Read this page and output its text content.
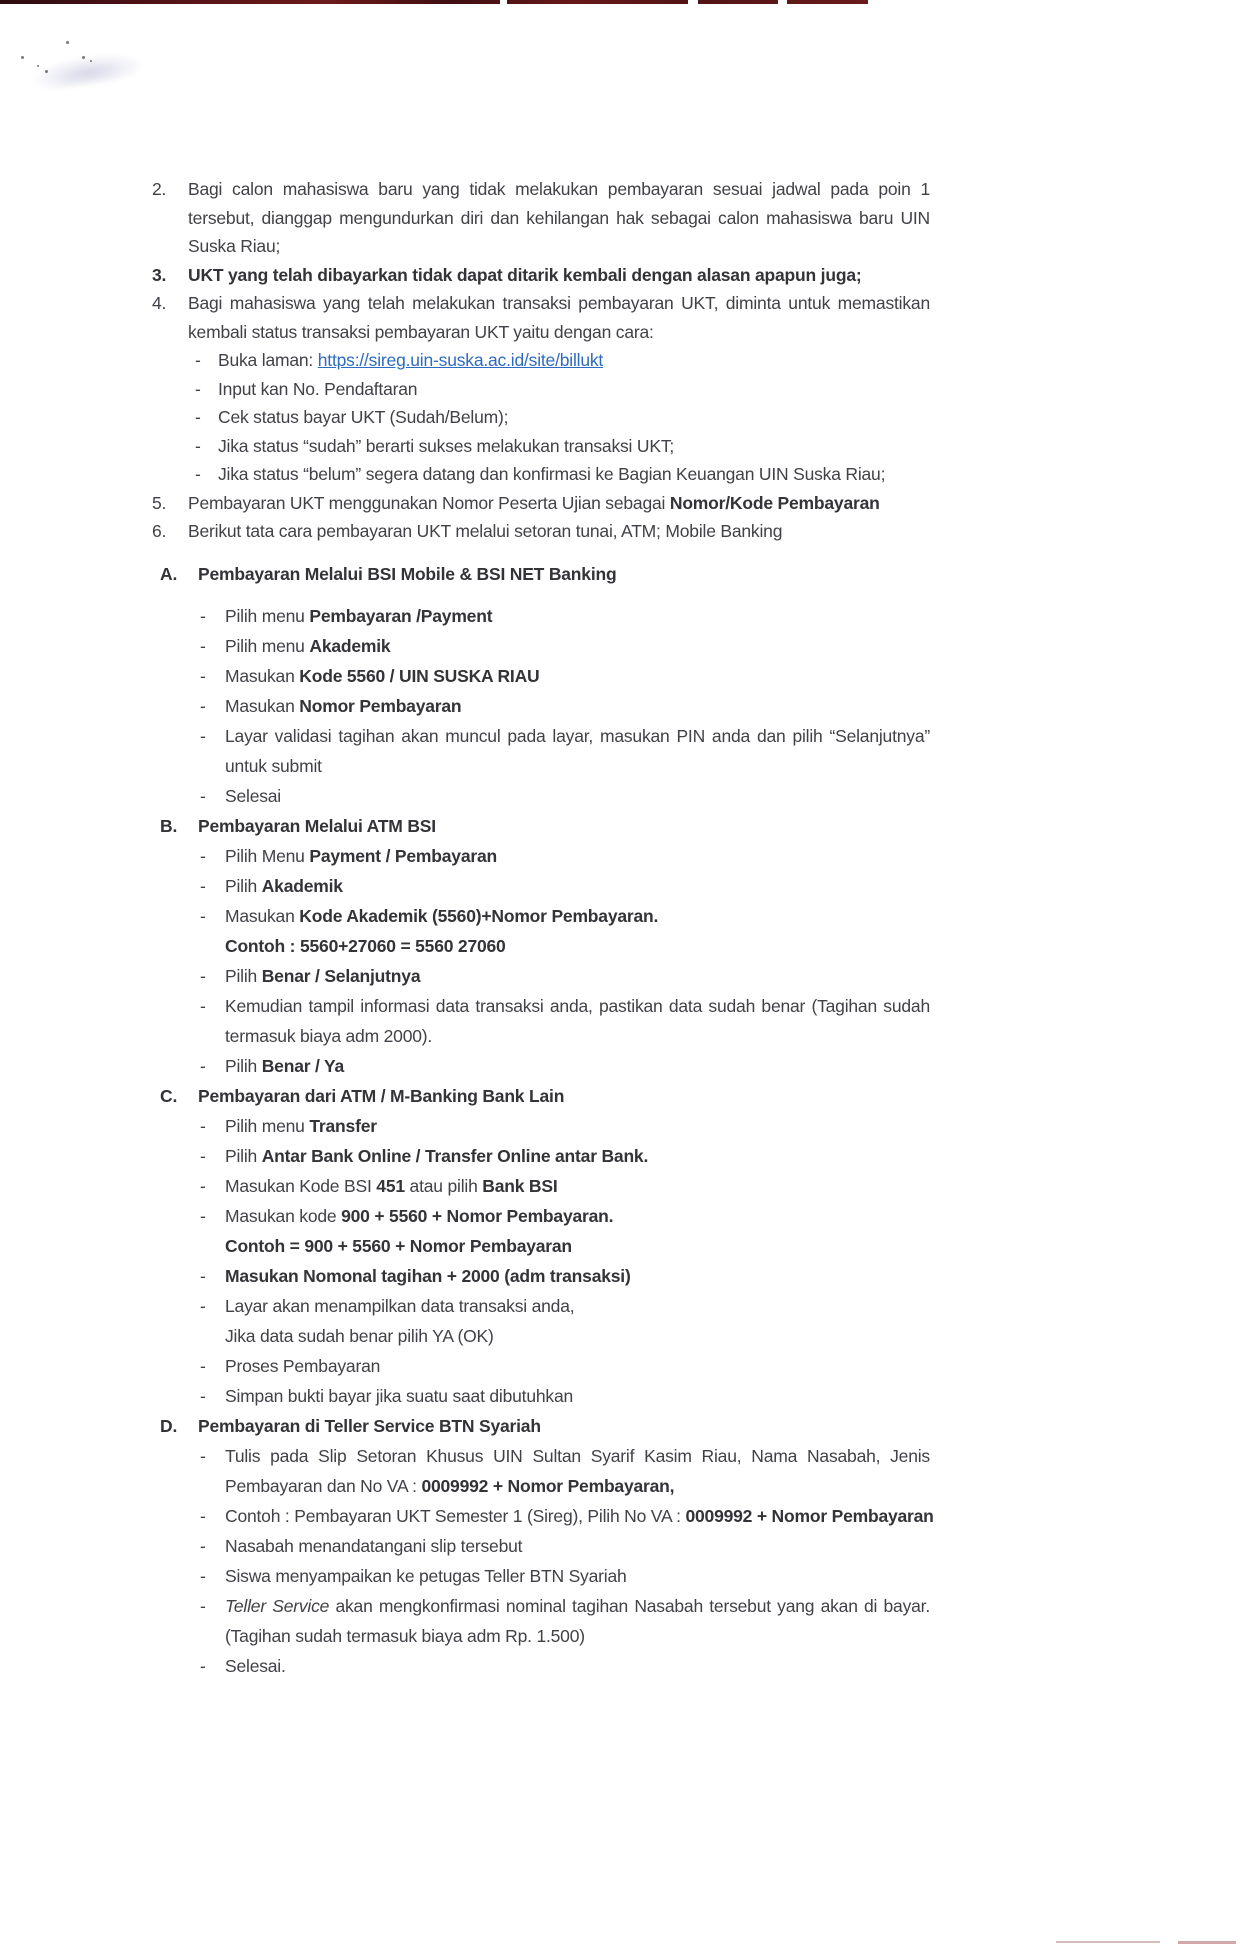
2.	Bagi calon mahasiswa baru yang tidak melakukan pembayaran sesuai jadwal pada poin 1 tersebut, dianggap mengundurkan diri dan kehilangan hak sebagai calon mahasiswa baru UIN Suska Riau;
3.	UKT yang telah dibayarkan tidak dapat ditarik kembali dengan alasan apapun juga;
4.	Bagi mahasiswa yang telah melakukan transaksi pembayaran UKT, diminta untuk memastikan kembali status transaksi pembayaran UKT yaitu dengan cara:
- Buka laman: https://sireg.uin-suska.ac.id/site/billukt
- Input kan No. Pendaftaran
- Cek status bayar UKT (Sudah/Belum);
- Jika status “sudah” berarti sukses melakukan transaksi UKT;
- Jika status “belum” segera datang dan konfirmasi ke Bagian Keuangan UIN Suska Riau;
5.	Pembayaran UKT menggunakan Nomor Peserta Ujian sebagai Nomor/Kode Pembayaran
6.	Berikut tata cara pembayaran UKT melalui setoran tunai, ATM; Mobile Banking
A.	Pembayaran Melalui BSI Mobile & BSI NET Banking
-	Pilih menu Pembayaran /Payment
-	Pilih menu Akademik
-	Masukan Kode 5560 / UIN SUSKA RIAU
-	Masukan Nomor Pembayaran
-	Layar validasi tagihan akan muncul pada layar, masukan PIN anda dan pilih “Selanjutnya” untuk submit
-	Selesai
B.	Pembayaran Melalui ATM BSI
-	Pilih Menu Payment / Pembayaran
-	Pilih Akademik
-	Masukan Kode Akademik (5560)+Nomor Pembayaran.
Contoh : 5560+27060 = 5560 27060
-	Pilih Benar / Selanjutnya
-	Kemudian tampil informasi data transaksi anda, pastikan data sudah benar (Tagihan sudah termasuk biaya adm 2000).
-	Pilih Benar / Ya
C.	Pembayaran dari ATM / M-Banking Bank Lain
-	Pilih menu Transfer
-	Pilih Antar Bank Online / Transfer Online antar Bank.
-	Masukan Kode BSI 451 atau pilih Bank BSI
-	Masukan kode 900 + 5560 + Nomor Pembayaran.
Contoh = 900 + 5560 + Nomor Pembayaran
-	Masukan Nomonal tagihan + 2000 (adm transaksi)
-	Layar akan menampilkan data transaksi anda,
Jika data sudah benar pilih YA (OK)
-	Proses Pembayaran
-	Simpan bukti bayar jika suatu saat dibutuhkan
D.	Pembayaran di Teller Service BTN Syariah
-	Tulis pada Slip Setoran Khusus UIN Sultan Syarif Kasim Riau, Nama Nasabah, Jenis Pembayaran dan No VA : 0009992 + Nomor Pembayaran,
-	Contoh : Pembayaran UKT Semester 1 (Sireg), Pilih No VA : 0009992 + Nomor Pembayaran
-	Nasabah menandatangani slip tersebut
-	Siswa menyampaikan ke petugas Teller BTN Syariah
-	Teller Service akan mengkonfirmasi nominal tagihan Nasabah tersebut yang akan di bayar. (Tagihan sudah termasuk biaya adm Rp. 1.500)
-	Selesai.
